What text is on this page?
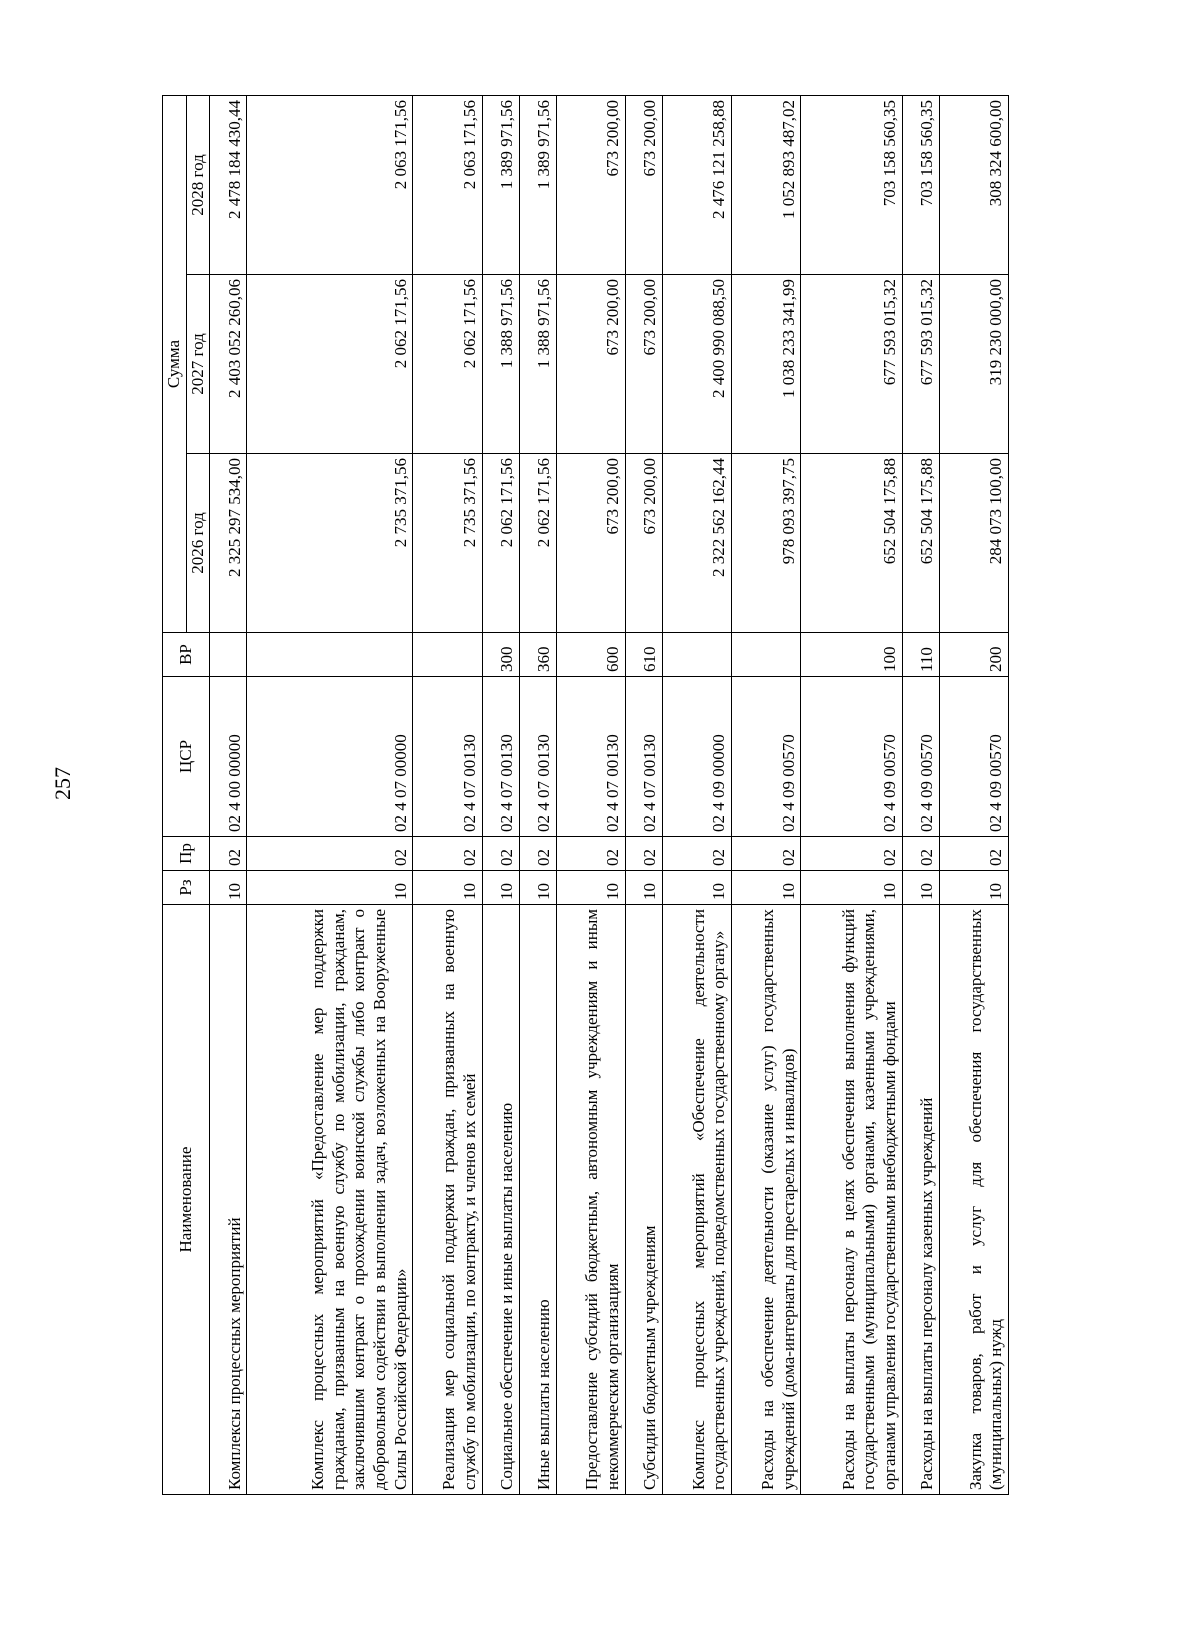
257
Наименование	Рз	Пр	ЦСР	ВР	Сумма		
					2026 год	2027 год	2028 год
Комплексы процессных мероприятий	10	02	02 4 00 00000		2 325 297 534,00	2 403 052 260,06	2 478 184 430,44
Комплекс процессных мероприятий «Предоставление мер поддержки гражданам, призванным на военную службу по мобилизации, гражданам, заключившим контракт о прохождении воинской службы либо контракт о добровольном содействии в выполнении задач, возложенных на Вооруженные Силы Российской Федерации»	10	02	02 4 07 00000		2 735 371,56	2 062 171,56	2 063 171,56
Реализация мер социальной поддержки граждан, призванных на военную службу по мобилизации, по контракту, и членов их семей	10	02	02 4 07 00130		2 735 371,56	2 062 171,56	2 063 171,56
Социальное обеспечение и иные выплаты населению	10	02	02 4 07 00130	300	2 062 171,56	1 388 971,56	1 389 971,56
Иные выплаты населению	10	02	02 4 07 00130	360	2 062 171,56	1 388 971,56	1 389 971,56
Предоставление субсидий бюджетным, автономным учреждениям и иным некоммерческим организациям	10	02	02 4 07 00130	600	673 200,00	673 200,00	673 200,00
Субсидии бюджетным учреждениям	10	02	02 4 07 00130	610	673 200,00	673 200,00	673 200,00
Комплекс процессных мероприятий «Обеспечение деятельности государственных учреждений, подведомственных государственному органу»	10	02	02 4 09 00000		2 322 562 162,44	2 400 990 088,50	2 476 121 258,88
Расходы на обеспечение деятельности (оказание услуг) государственных учреждений (дома-интернаты для престарелых и инвалидов)	10	02	02 4 09 00570		978 093 397,75	1 038 233 341,99	1 052 893 487,02
Расходы на выплаты персоналу в целях обеспечения выполнения функций государственными (муниципальными) органами, казенными учреждениями, органами управления государственными внебюджетными фондами	10	02	02 4 09 00570	100	652 504 175,88	677 593 015,32	703 158 560,35
Расходы на выплаты персоналу казенных учреждений	10	02	02 4 09 00570	110	652 504 175,88	677 593 015,32	703 158 560,35
Закупка товаров, работ и услуг для обеспечения государственных (муниципальных) нужд	10	02	02 4 09 00570	200	284 073 100,00	319 230 000,00	308 324 600,00
